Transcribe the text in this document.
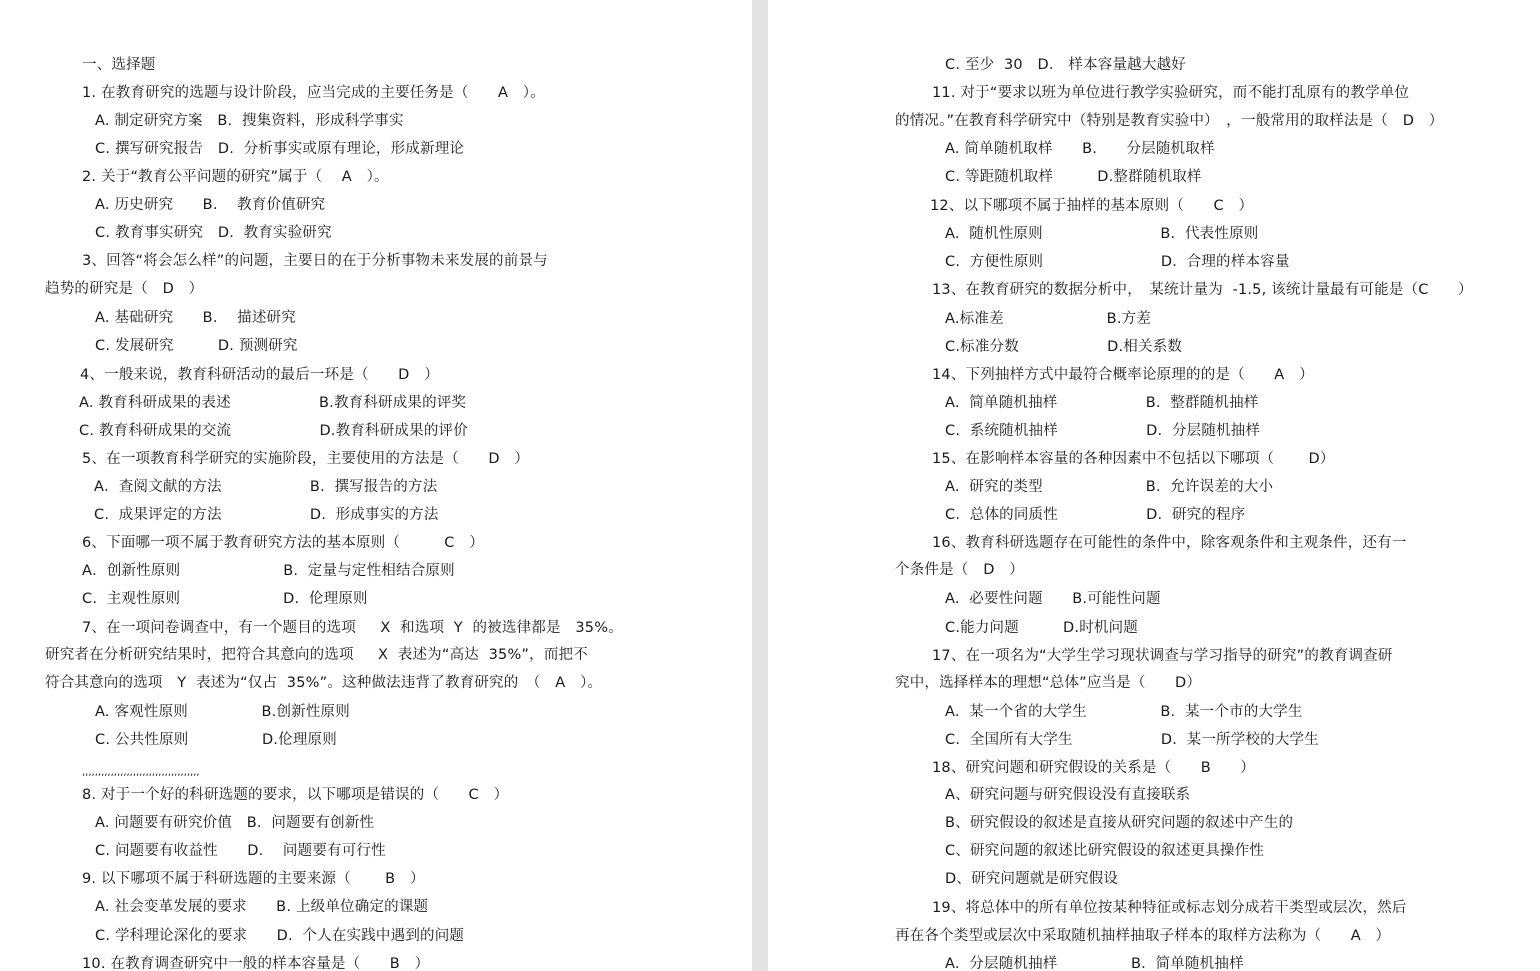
一、选择题
1. 在教育研究的选题与设计阶段，应当完成的主要任务是（　　A　）。
A. 制定研究方案　B.  搜集资料，形成科学事实
C. 撰写研究报告　D.  分析事实或原有理论，形成新理论
2. 关于“教育公平问题的研究”属于（　 A　）。
A. 历史研究　　B.　 教育价值研究
C. 教育事实研究　D.  教育实验研究
3、回答“将会怎么样”的问题，主要日的在于分析事物未来发展的前景与
趋势的研究是（　D　）
A. 基础研究　　B.　 描述研究
C. 发展研究　　　D. 预测研究
4、一般来说，教育科研活动的最后一环是（　　D　）
A. 教育科研成果的表述　　　　　　B.教育科研成果的评奖
C. 教育科研成果的交流　　　　　　D.教育科研成果的评价
5、在一项教育科学研究的实施阶段，主要使用的方法是（　　D　）
A．查阅文献的方法　　　　　　B.  撰写报告的方法
C.  成果评定的方法　　　　　　D.  形成事实的方法
6、下面哪一项不属于教育研究方法的基本原则（　　　C　）
A．创新性原则　　　　　　　B.  定量与定性相结合原则
C.  主观性原则　　　　　　　D.  伦理原则
7、在一项问卷调查中，有一个题目的选项　  X  和选项  Y  的被选律都是　35%。
研究者在分析研究结果时，把符合其意向的选项　  X  表述为“高达  35%”，而把不
符合其意向的选项　Y  表述为“仅占  35%”。这种做法违背了教育研究的　（　A　）。
A. 客观性原则　　　　　B.创新性原则
C. 公共性原则　　　　　D.伦理原则
,,,,,,,,,,,,,,,,,,,,,,,,,,,,,,,,,,,,,
8. 对于一个好的科研选题的要求，以下哪项是错误的（　　C　）
A. 问题要有研究价值　B.  问题要有创新性
C. 问题要有收益性　　D.　 问题要有可行性
9. 以下哪项不属于科研选题的主要来源（　 　B　）
A. 社会变革发展的要求　　B. 上级单位确定的课题
C. 学科理论深化的要求　　D.  个人在实践中遇到的问题
10. 在教育调查研究中一般的样本容量是（　　B　）
C. 至少  30　D.　样本容量越大越好
11. 对于“要求以班为单位进行教学实验研究，而不能打乱原有的教学单位
的情况。”在教育科学研究中（特别是教育实验中）　，一般常用的取样法是（　D　）
A. 简单随机取样　　B.　　分层随机取样
C. 等距随机取样　　　D.整群随机取样
12、以下哪项不属于抽样的基本原则（　　C　）
A.  随机性原则　　　　　　　　B.  代表性原则
C.  方便性原则　　　　　　　　D.  合理的样本容量
13、在教育研究的数据分析中，　某统计量为  -1.5, 该统计量最有可能是（C　　）
A.标准差　　　　　　　B.方差
C.标准分数　　　　　　D.相关系数
14、下列抽样方式中最符合概率论原理的的是（　　A　）
A.  简单随机抽样　　　　　　B.  整群随机抽样
C.  系统随机抽样　　　　　　D.  分层随机抽样
15、在影响样本容量的各种因素中不包括以下哪项（　　 D）
A.  研究的类型　　　　　　　B.  允许误差的大小
C.  总体的同质性　　　　　　D.  研究的程序
16、教育科研选题存在可能性的条件中，除客观条件和主观条件，还有一
个条件是（　D　）
A.  必要性问题　　B.可能性问题
C.能力问题　　　D.时机问题
17、在一项名为“大学生学习现状调查与学习指导的研究”的教育调查研
究中，选择样本的理想“总体”应当是（　　D）
A.  某一个省的大学生　　　　　B.  某一个市的大学生
C.  全国所有大学生　　　　　　D.  某一所学校的大学生
18、研究问题和研究假设的关系是（　　B　　）
A、研究问题与研究假设没有直接联系
B、研究假设的叙述是直接从研究问题的叙述中产生的
C、研究问题的叙述比研究假设的叙述更具操作性
D、研究问题就是研究假设
19、将总体中的所有单位按某种特征或标志划分成若干类型或层次，然后
再在各个类型或层次中采取随机抽样抽取子样本的取样方法称为（　　A　）
A.  分层随机抽样　　　　　B.  简单随机抽样
